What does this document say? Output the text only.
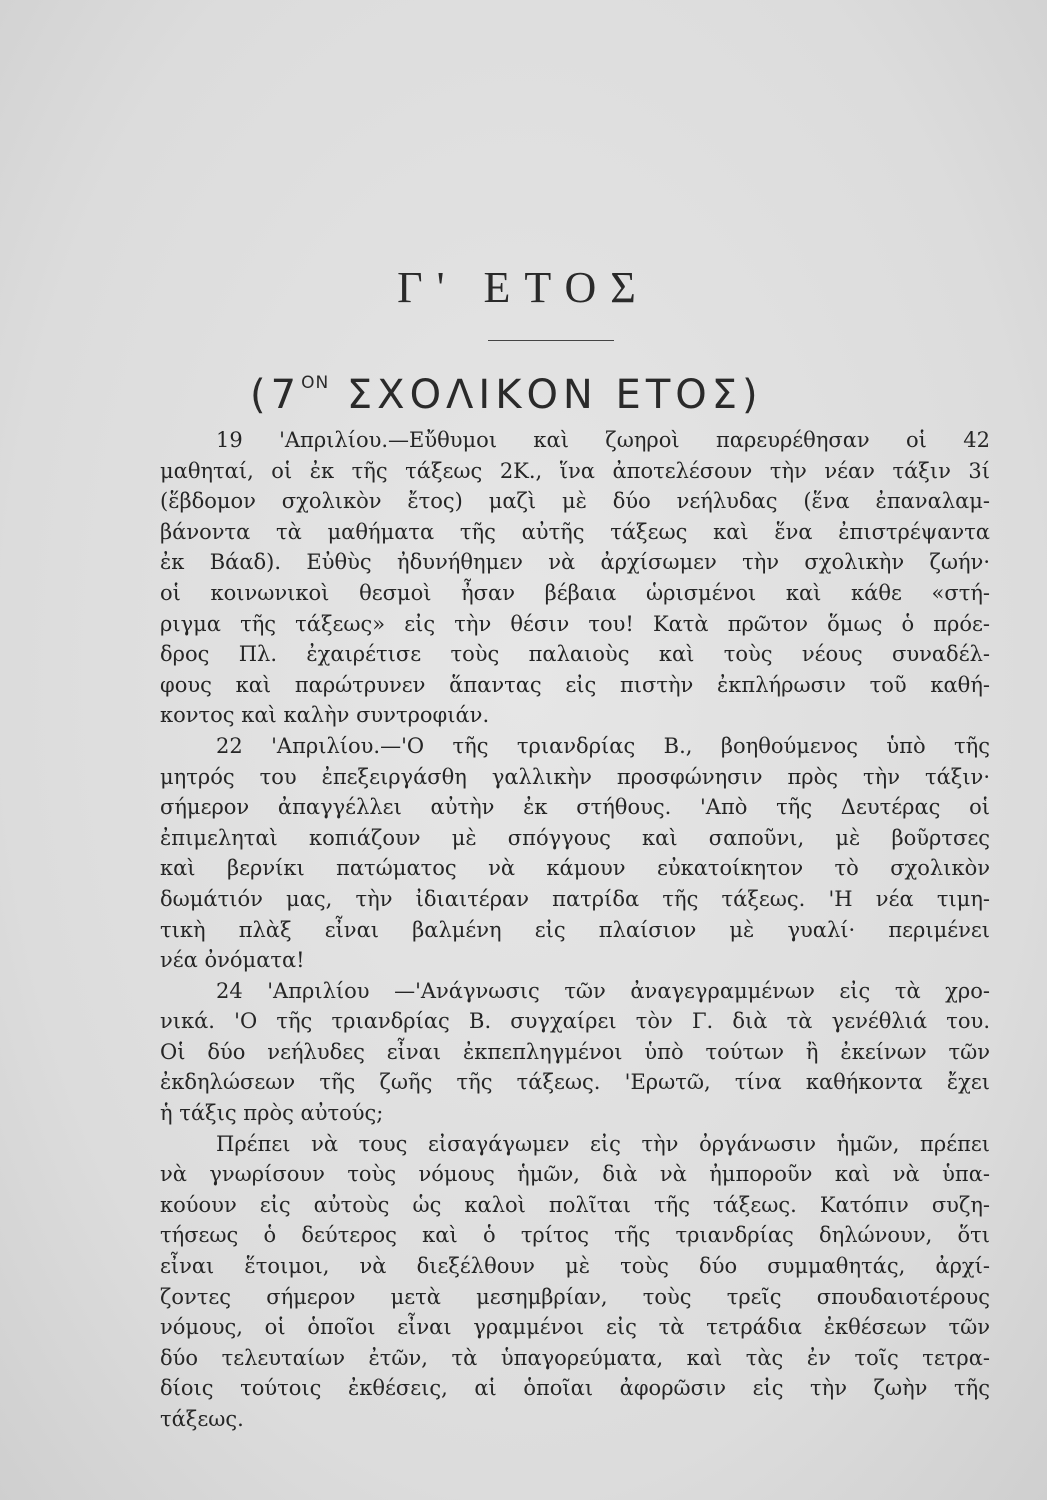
Γ' ΕΤΟΣ
($7^{ON}$ ΣΧΟΛΙΚΟΝ ΕΤΟΣ)
19 'Απριλίου.—Εὔθυμοι καὶ ζωηροὶ παρευρέθησαν οἱ 42
μαθηταί, οἱ ἐκ τῆς τάξεως 2Κ., ἵνα ἀποτελέσουν τὴν νέαν τάξιν 3ί
(ἕβδομον σχολικὸν ἔτος) μαζὶ μὲ δύο νεήλυδας (ἕνα ἐπαναλαμ-
βάνοντα τὰ μαθήματα τῆς αὐτῆς τάξεως καὶ ἕνα ἐπιστρέψαντα
ἐκ Βάαδ). Εὐθὺς ἠδυνήθημεν νὰ ἀρχίσωμεν τὴν σχολικὴν ζωήν·
οἱ κοινωνικοὶ θεσμοὶ ἦσαν βέβαια ὡρισμένοι καὶ κάθε «στή-
ριγμα τῆς τάξεως» εἰς τὴν θέσιν του! Κατὰ πρῶτον ὅμως ὁ πρόε-
δρος Πλ. ἐχαιρέτισε τοὺς παλαιοὺς καὶ τοὺς νέους συναδέλ-
φους καὶ παρώτρυνεν ἅπαντας εἰς πιστὴν ἐκπλήρωσιν τοῦ καθή-
κοντος καὶ καλὴν συντροφιάν.
22 'Απριλίου.—'Ο τῆς τριανδρίας Β., βοηθούμενος ὑπὸ τῆς
μητρός του ἐπεξειργάσθη γαλλικὴν προσφώνησιν πρὸς τὴν τάξιν·
σήμερον ἀπαγγέλλει αὐτὴν ἐκ στήθους. 'Απὸ τῆς Δευτέρας οἱ
ἐπιμεληταὶ κοπιάζουν μὲ σπόγγους καὶ σαποῦνι, μὲ βοῦρτσες
καὶ βερνίκι πατώματος νὰ κάμουν εὐκατοίκητον τὸ σχολικὸν
δωμάτιόν μας, τὴν ἰδιαιτέραν πατρίδα τῆς τάξεως. 'Η νέα τιμη-
τικὴ πλὰξ εἶναι βαλμένη εἰς πλαίσιον μὲ γυαλί· περιμένει
νέα ὀνόματα!
24 'Απριλίου —'Ανάγνωσις τῶν ἀναγεγραμμένων εἰς τὰ χρο-
νικά. 'Ο τῆς τριανδρίας Β. συγχαίρει τὸν Γ. διὰ τὰ γενέθλιά του.
Οἱ δύο νεήλυδες εἶναι ἐκπεπληγμένοι ὑπὸ τούτων ἢ ἐκείνων τῶν
ἐκδηλώσεων τῆς ζωῆς τῆς τάξεως. 'Ερωτῶ, τίνα καθήκοντα ἔχει
ἡ τάξις πρὸς αὐτούς;
Πρέπει νὰ τους εἰσαγάγωμεν εἰς τὴν ὀργάνωσιν ἡμῶν, πρέπει
νὰ γνωρίσουν τοὺς νόμους ἡμῶν, διὰ νὰ ἠμποροῦν καὶ νὰ ὑπα-
κούουν εἰς αὐτοὺς ὡς καλοὶ πολῖται τῆς τάξεως. Κατόπιν συζη-
τήσεως ὁ δεύτερος καὶ ὁ τρίτος τῆς τριανδρίας δηλώνουν, ὅτι
εἶναι ἕτοιμοι, νὰ διεξέλθουν μὲ τοὺς δύο συμμαθητάς, ἀρχί-
ζοντες σήμερον μετὰ μεσημβρίαν, τοὺς τρεῖς σπουδαιοτέρους
νόμους, οἱ ὁποῖοι εἶναι γραμμένοι εἰς τὰ τετράδια ἐκθέσεων τῶν
δύο τελευταίων ἐτῶν, τὰ ὑπαγορεύματα, καὶ τὰς ἐν τοῖς τετρα-
δίοις τούτοις ἐκθέσεις, αἱ ὁποῖαι ἀφορῶσιν εἰς τὴν ζωὴν τῆς
τάξεως.
